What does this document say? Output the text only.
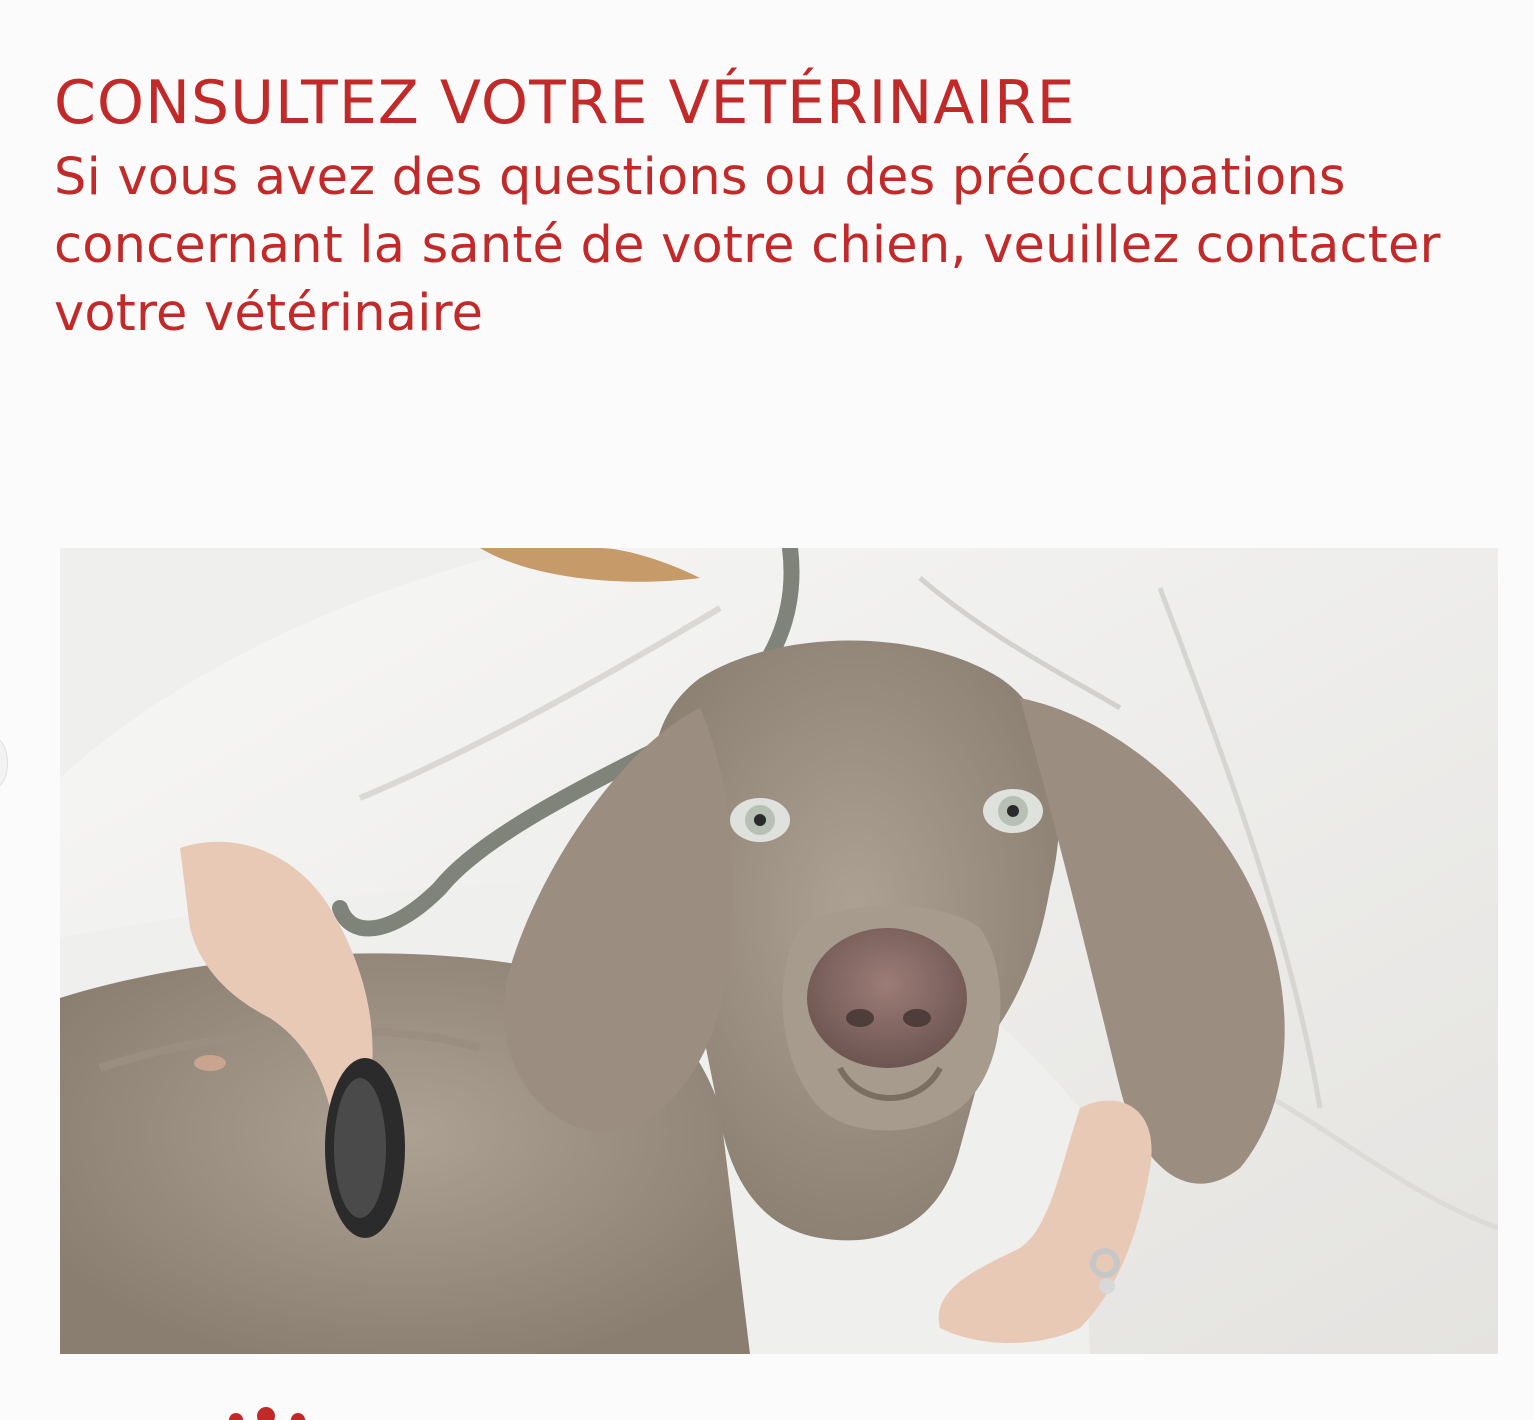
CONSULTEZ VOTRE VÉTÉRINAIRE

Si vous avez des questions ou des préoccupations concernant la santé de votre chien, veuillez contacter votre vétérinaire
